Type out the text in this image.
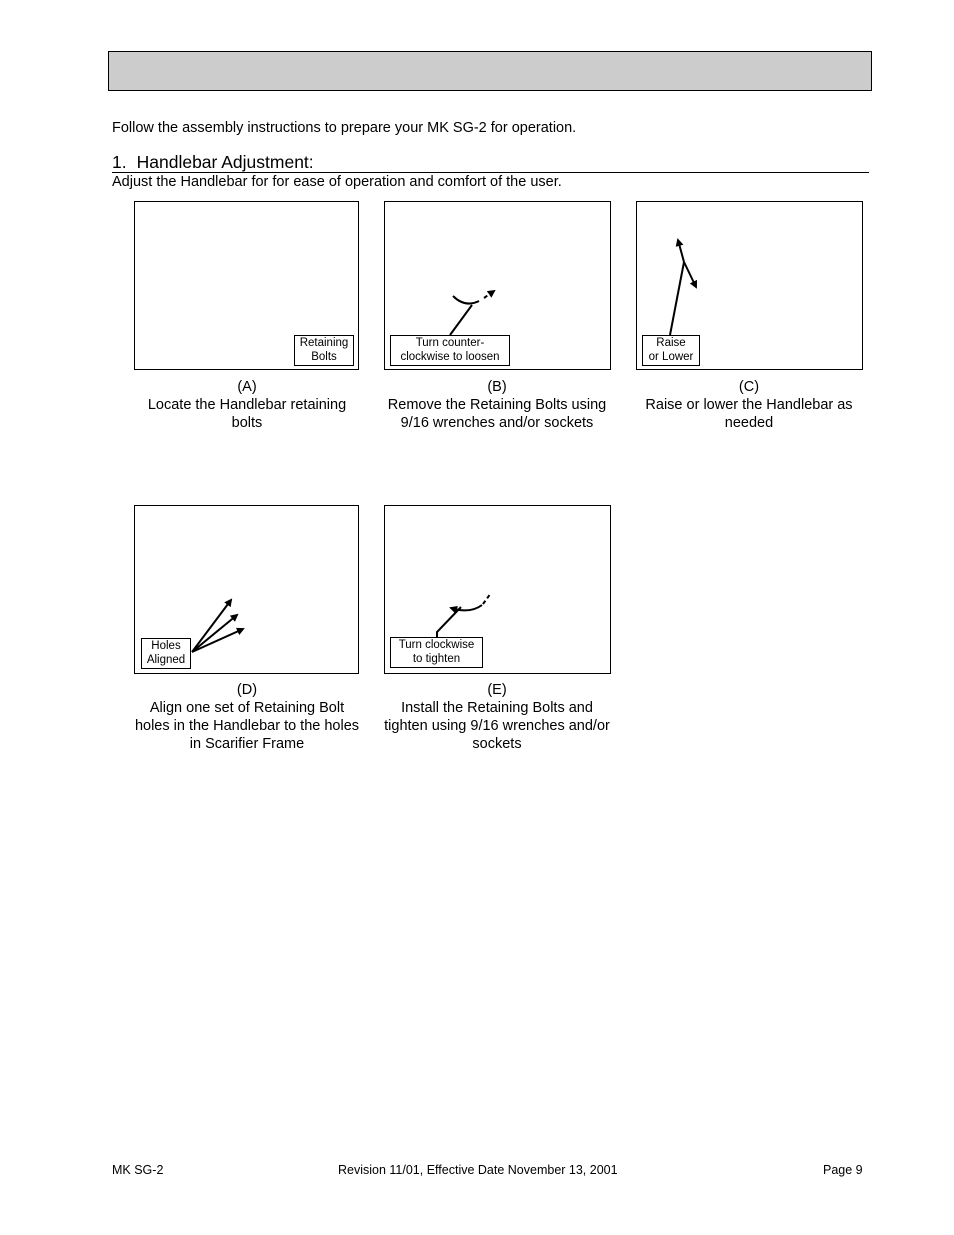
Follow the assembly instructions to prepare your MK SG-2 for operation.
1. Handlebar Adjustment:
Adjust the Handlebar for for ease of operation and comfort of the user.
Retaining
Bolts
(A)
Locate the Handlebar retaining bolts
Turn counter-
clockwise to loosen
(B)
Remove the Retaining Bolts using 9/16 wrenches and/or sockets
Raise
or Lower
(C)
Raise or lower the Handlebar as needed
Holes
Aligned
(D)
Align one set of Retaining Bolt holes in the Handlebar to the holes in Scarifier Frame
Turn clockwise
to tighten
(E)
Install the Retaining Bolts and tighten using 9/16 wrenches and/or sockets
MK SG-2	Revision 11/01, Effective Date November 13, 2001	Page 9
